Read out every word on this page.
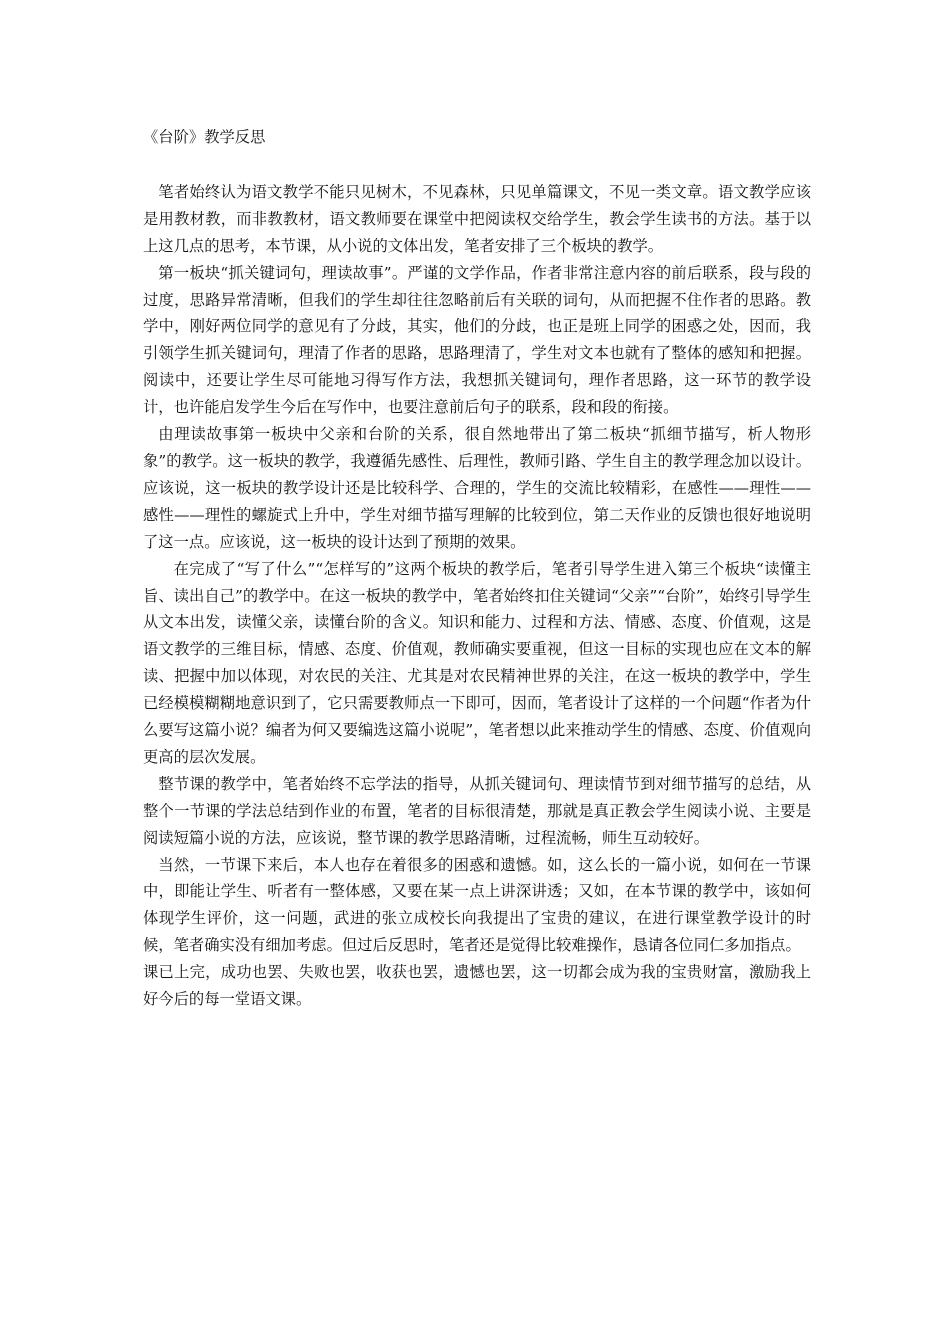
《台阶》教学反思

笔者始终认为语文教学不能只见树木，不见森林，只见单篇课文，不见一类文章。语文教学应该是用教材教，而非教教材，语文教师要在课堂中把阅读权交给学生，教会学生读书的方法。基于以上这几点的思考，本节课，从小说的文体出发，笔者安排了三个板块的教学。

第一板块“抓关键词句，理读故事”。严谨的文学作品，作者非常注意内容的前后联系，段与段的过度，思路异常清晰，但我们的学生却往往忽略前后有关联的词句，从而把握不住作者的思路。教学中，刚好两位同学的意见有了分歧，其实，他们的分歧，也正是班上同学的困惑之处，因而，我引领学生抓关键词句，理清了作者的思路，思路理清了，学生对文本也就有了整体的感知和把握。阅读中，还要让学生尽可能地习得写作方法，我想抓关键词句，理作者思路，这一环节的教学设计，也许能启发学生今后在写作中，也要注意前后句子的联系，段和段的衔接。

由理读故事第一板块中父亲和台阶的关系，很自然地带出了第二板块“抓细节描写，析人物形象”的教学。这一板块的教学，我遵循先感性、后理性，教师引路、学生自主的教学理念加以设计。应该说，这一板块的教学设计还是比较科学、合理的，学生的交流比较精彩，在感性——理性——感性——理性的螺旋式上升中，学生对细节描写理解的比较到位，第二天作业的反馈也很好地说明了这一点。应该说，这一板块的设计达到了预期的效果。

在完成了“写了什么”“怎样写的”这两个板块的教学后，笔者引导学生进入第三个板块“读懂主旨、读出自己”的教学中。在这一板块的教学中，笔者始终扣住关键词“父亲”“台阶”，始终引导学生从文本出发，读懂父亲，读懂台阶的含义。知识和能力、过程和方法、情感、态度、价值观，这是语文教学的三维目标，情感、态度、价值观，教师确实要重视，但这一目标的实现也应在文本的解读、把握中加以体现，对农民的关注、尤其是对农民精神世界的关注，在这一板块的教学中，学生已经模模糊糊地意识到了，它只需要教师点一下即可，因而，笔者设计了这样的一个问题“作者为什么要写这篇小说？编者为何又要编选这篇小说呢”，笔者想以此来推动学生的情感、态度、价值观向更高的层次发展。

整节课的教学中，笔者始终不忘学法的指导，从抓关键词句、理读情节到对细节描写的总结，从整个一节课的学法总结到作业的布置，笔者的目标很清楚，那就是真正教会学生阅读小说、主要是阅读短篇小说的方法，应该说，整节课的教学思路清晰，过程流畅，师生互动较好。

当然，一节课下来后，本人也存在着很多的困惑和遗憾。如，这么长的一篇小说，如何在一节课中，即能让学生、听者有一整体感，又要在某一点上讲深讲透；又如，在本节课的教学中，该如何体现学生评价，这一问题，武进的张立成校长向我提出了宝贵的建议，在进行课堂教学设计的时候，笔者确实没有细加考虑。但过后反思时，笔者还是觉得比较难操作，恳请各位同仁多加指点。

课已上完，成功也罢、失败也罢，收获也罢，遗憾也罢，这一切都会成为我的宝贵财富，激励我上好今后的每一堂语文课。
